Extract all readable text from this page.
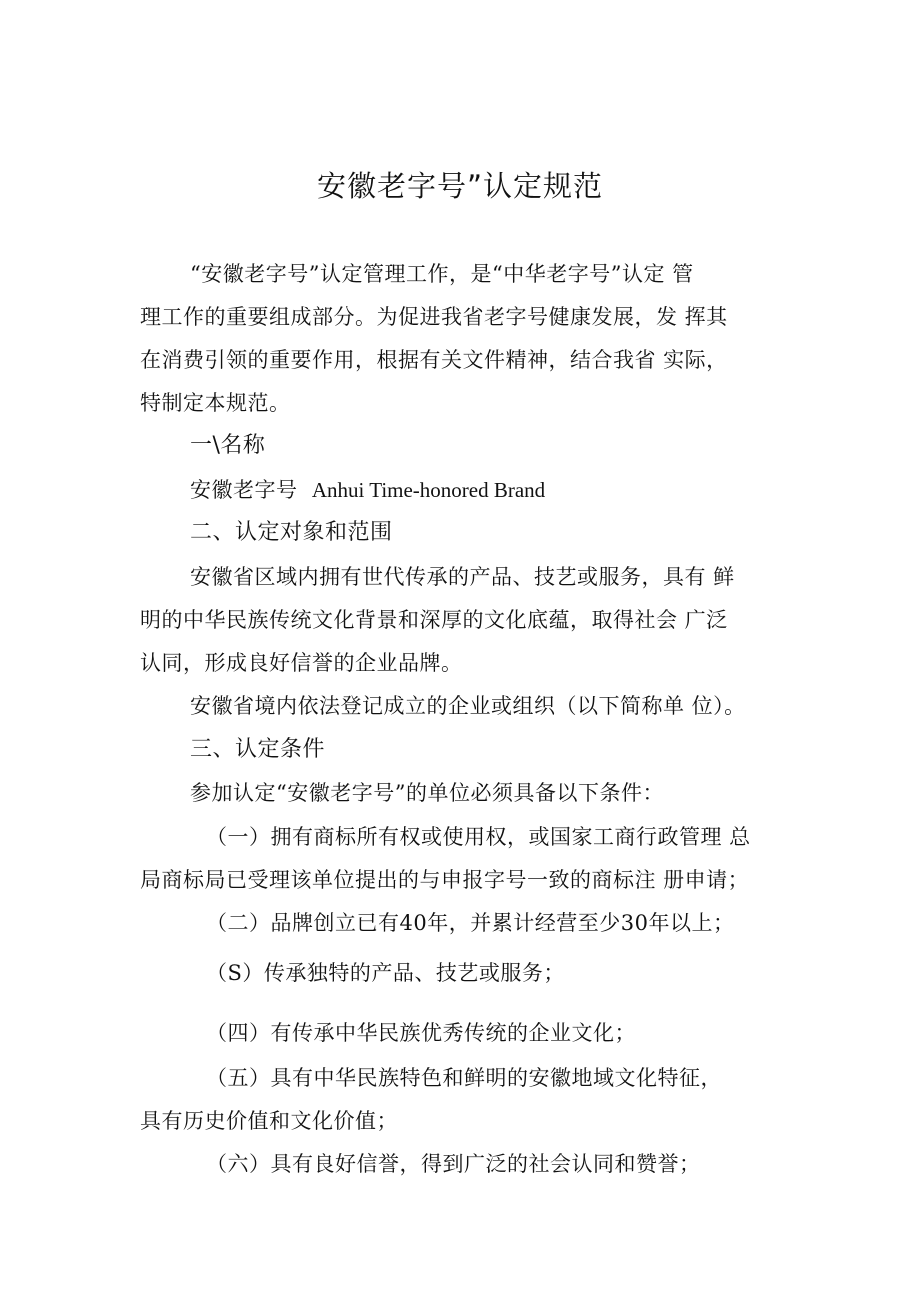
安徽老字号”认定规范
“安徽老字号”认定管理工作，是“中华老字号”认定 管
理工作的重要组成部分。为促进我省老字号健康发展，发 挥其
在消费引领的重要作用，根据有关文件精神，结合我省 实际，
特制定本规范。
一\名称
安徽老字号 Anhui Time-honored Brand
二、认定对象和范围
安徽省区域内拥有世代传承的产品、技艺或服务，具有 鲜
明的中华民族传统文化背景和深厚的文化底蕴，取得社会 广泛
认同，形成良好信誉的企业品牌。
安徽省境内依法登记成立的企业或组织（以下简称单 位）。
三、认定条件
参加认定“安徽老字号”的单位必须具备以下条件：
（一）拥有商标所有权或使用权，或国家工商行政管理 总
局商标局已受理该单位提出的与申报字号一致的商标注 册申请；
（二）品牌创立已有40年，并累计经营至少30年以上；
（S）传承独特的产品、技艺或服务；
（四）有传承中华民族优秀传统的企业文化；
（五）具有中华民族特色和鲜明的安徽地域文化特征，
具有历史价值和文化价值；
（六）具有良好信誉，得到广泛的社会认同和赞誉；
